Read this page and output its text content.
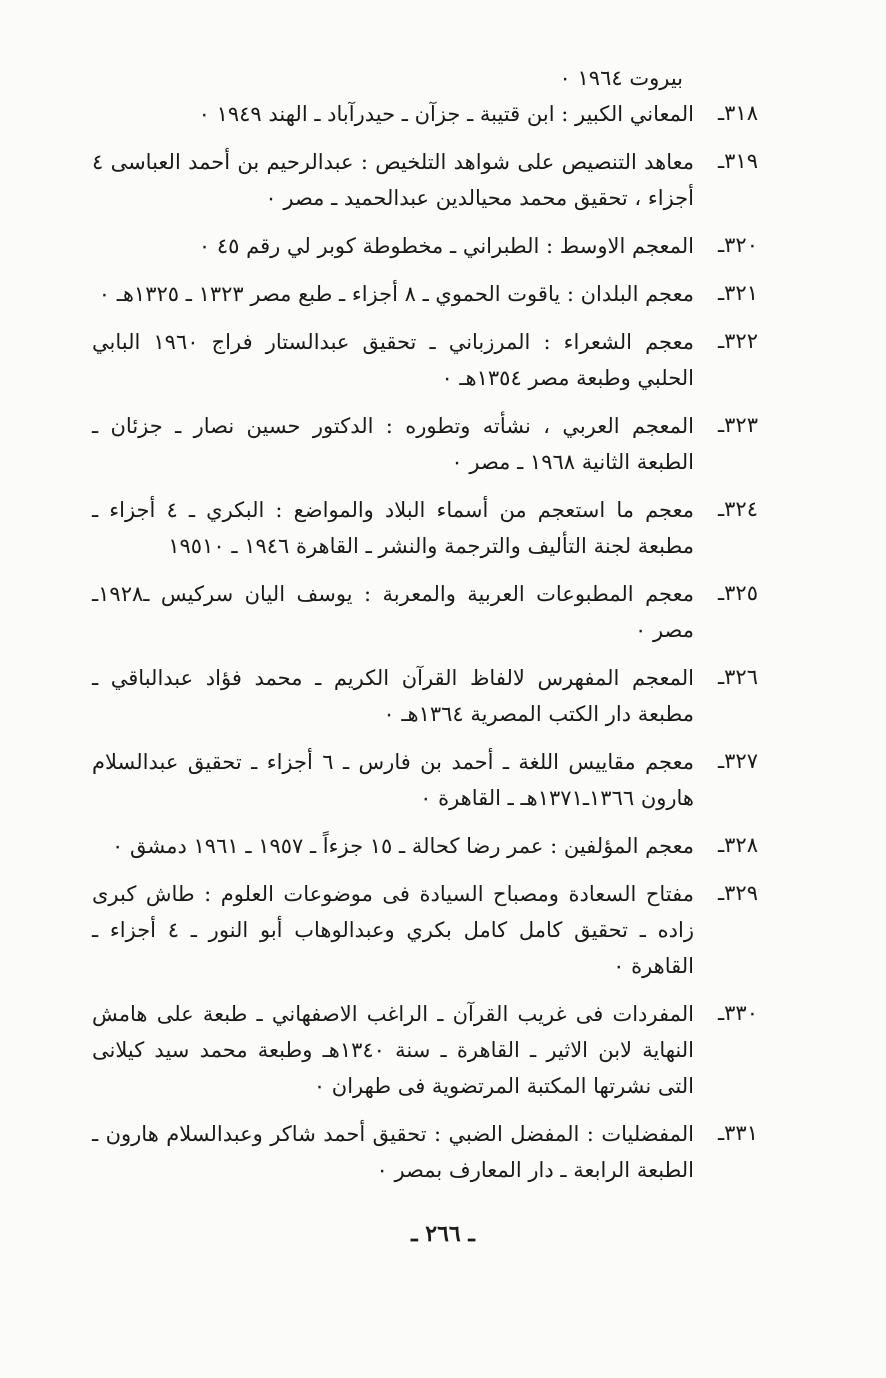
بيروت ١٩٦٤ ٠
٣١٨ـ
المعاني الكبير : ابن قتيبة ـ جزآن ـ حيدرآباد ـ الهند ١٩٤٩ ٠
٣١٩ـ
معاهد التنصيص على شواهد التلخيص : عبدالرحيم بن أحمد العباسى ٤ أجزاء ، تحقيق محمد محيالدين عبدالحميد ـ مصر ٠
٣٢٠ـ
المعجم الاوسط : الطبراني ـ مخطوطة كوبر لي رقم ٤٥ ٠
٣٢١ـ
معجم البلدان : ياقوت الحموي ـ ٨ أجزاء ـ طبع مصر ١٣٢٣ ـ ١٣٢٥هـ ٠
٣٢٢ـ
معجم الشعراء : المرزباني ـ تحقيق عبدالستار فراج ١٩٦٠ البابي الحلبي وطبعة مصر ١٣٥٤هـ ٠
٣٢٣ـ
المعجم العربي ، نشأته وتطوره : الدكتور حسين نصار ـ جزئان ـ الطبعة الثانية ١٩٦٨ ـ مصر ٠
٣٢٤ـ
معجم ما استعجم من أسماء البلاد والمواضع : البكري ـ ٤ أجزاء ـ مطبعة لجنة التأليف والترجمة والنشر ـ القاهرة ١٩٤٦ ـ ١٩٥١٠
٣٢٥ـ
معجم المطبوعات العربية والمعربة : يوسف اليان سركيس ـ١٩٢٨ـ مصر ٠
٣٢٦ـ
المعجم المفهرس لالفاظ القرآن الكريم ـ محمد فؤاد عبدالباقي ـ مطبعة دار الكتب المصرية ١٣٦٤هـ ٠
٣٢٧ـ
معجم مقاييس اللغة ـ أحمد بن فارس ـ ٦ أجزاء ـ تحقيق عبدالسلام هارون ١٣٦٦ـ١٣٧١هـ ـ القاهرة ٠
٣٢٨ـ
معجم المؤلفين : عمر رضا كحالة ـ ١٥ جزءاً ـ ١٩٥٧ ـ ١٩٦١ دمشق ٠
٣٢٩ـ
مفتاح السعادة ومصباح السيادة فى موضوعات العلوم : طاش كبرى زاده ـ تحقيق كامل كامل بكري وعبدالوهاب أبو النور ـ ٤ أجزاء ـ القاهرة ٠
٣٣٠ـ
المفردات فى غريب القرآن ـ الراغب الاصفهاني ـ طبعة على هامش النهاية لابن الاثير ـ القاهرة ـ سنة ١٣٤٠هـ وطبعة محمد سيد كيلانى التى نشرتها المكتبة المرتضوية فى طهران ٠
٣٣١ـ
المفضليات : المفضل الضبي : تحقيق أحمد شاكر وعبدالسلام هارون ـ الطبعة الرابعة ـ دار المعارف بمصر ٠
ـ ٢٦٦ ـ
